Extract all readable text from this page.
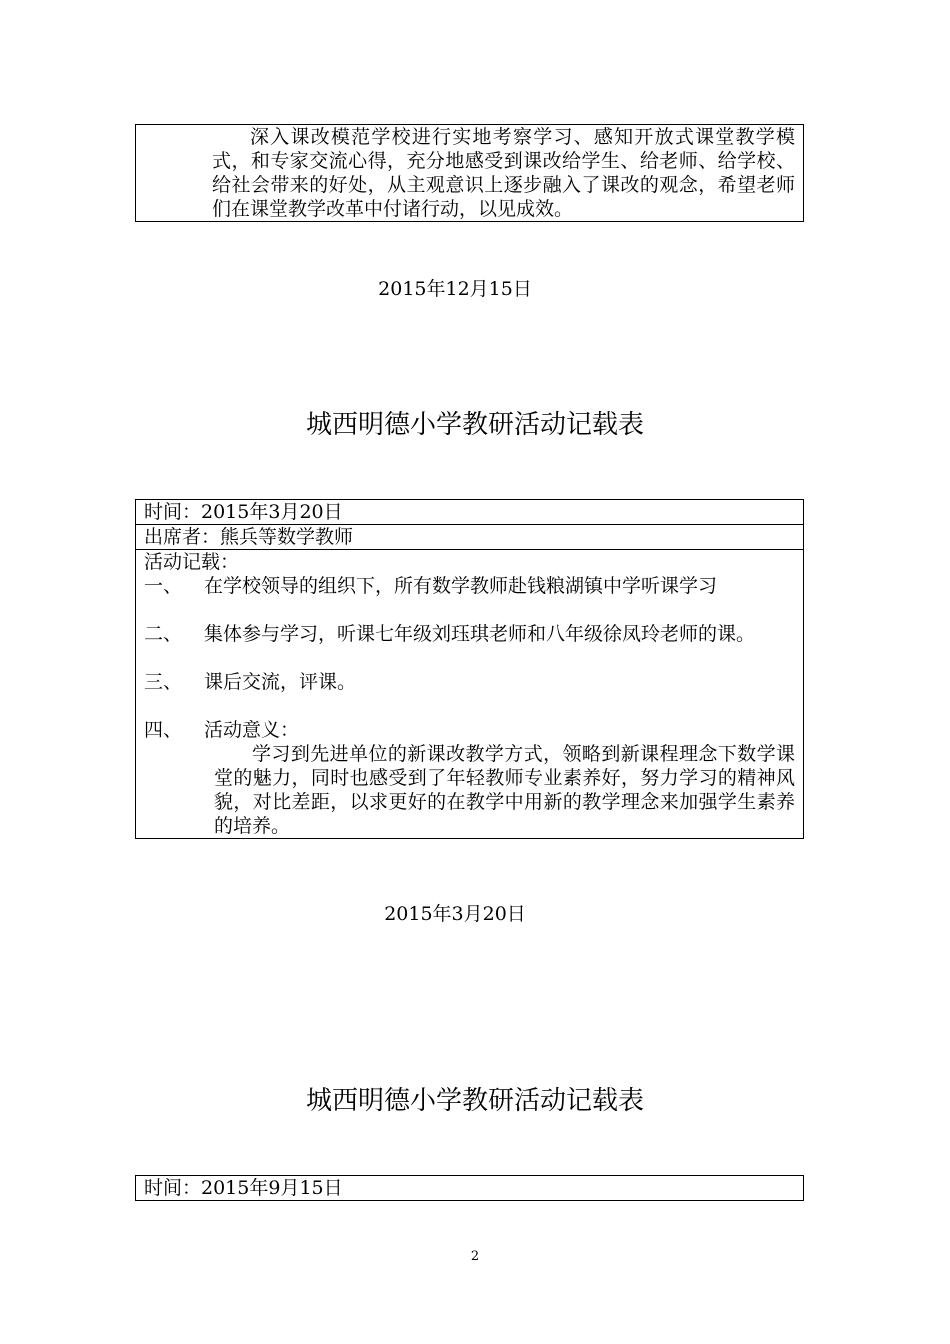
深入课改模范学校进行实地考察学习、感知开放式课堂教学模式，和专家交流心得，充分地感受到课改给学生、给老师、给学校、给社会带来的好处，从主观意识上逐步融入了课改的观念，希望老师们在课堂教学改革中付诸行动，以见成效。
2015年12月15日
城西明德小学教研活动记载表
时间：2015年3月20日
出席者：熊兵等数学教师
活动记载：
一、 在学校领导的组织下，所有数学教师赴钱粮湖镇中学听课学习
二、 集体参与学习，听课七年级刘珏琪老师和八年级徐凤玲老师的课。
三、 课后交流，评课。
四、 活动意义：
学习到先进单位的新课改教学方式，领略到新课程理念下数学课堂的魅力，同时也感受到了年轻教师专业素养好，努力学习的精神风貌，对比差距，以求更好的在教学中用新的教学理念来加强学生素养的培养。
2015年3月20日
城西明德小学教研活动记载表
时间：2015年9月15日
2
